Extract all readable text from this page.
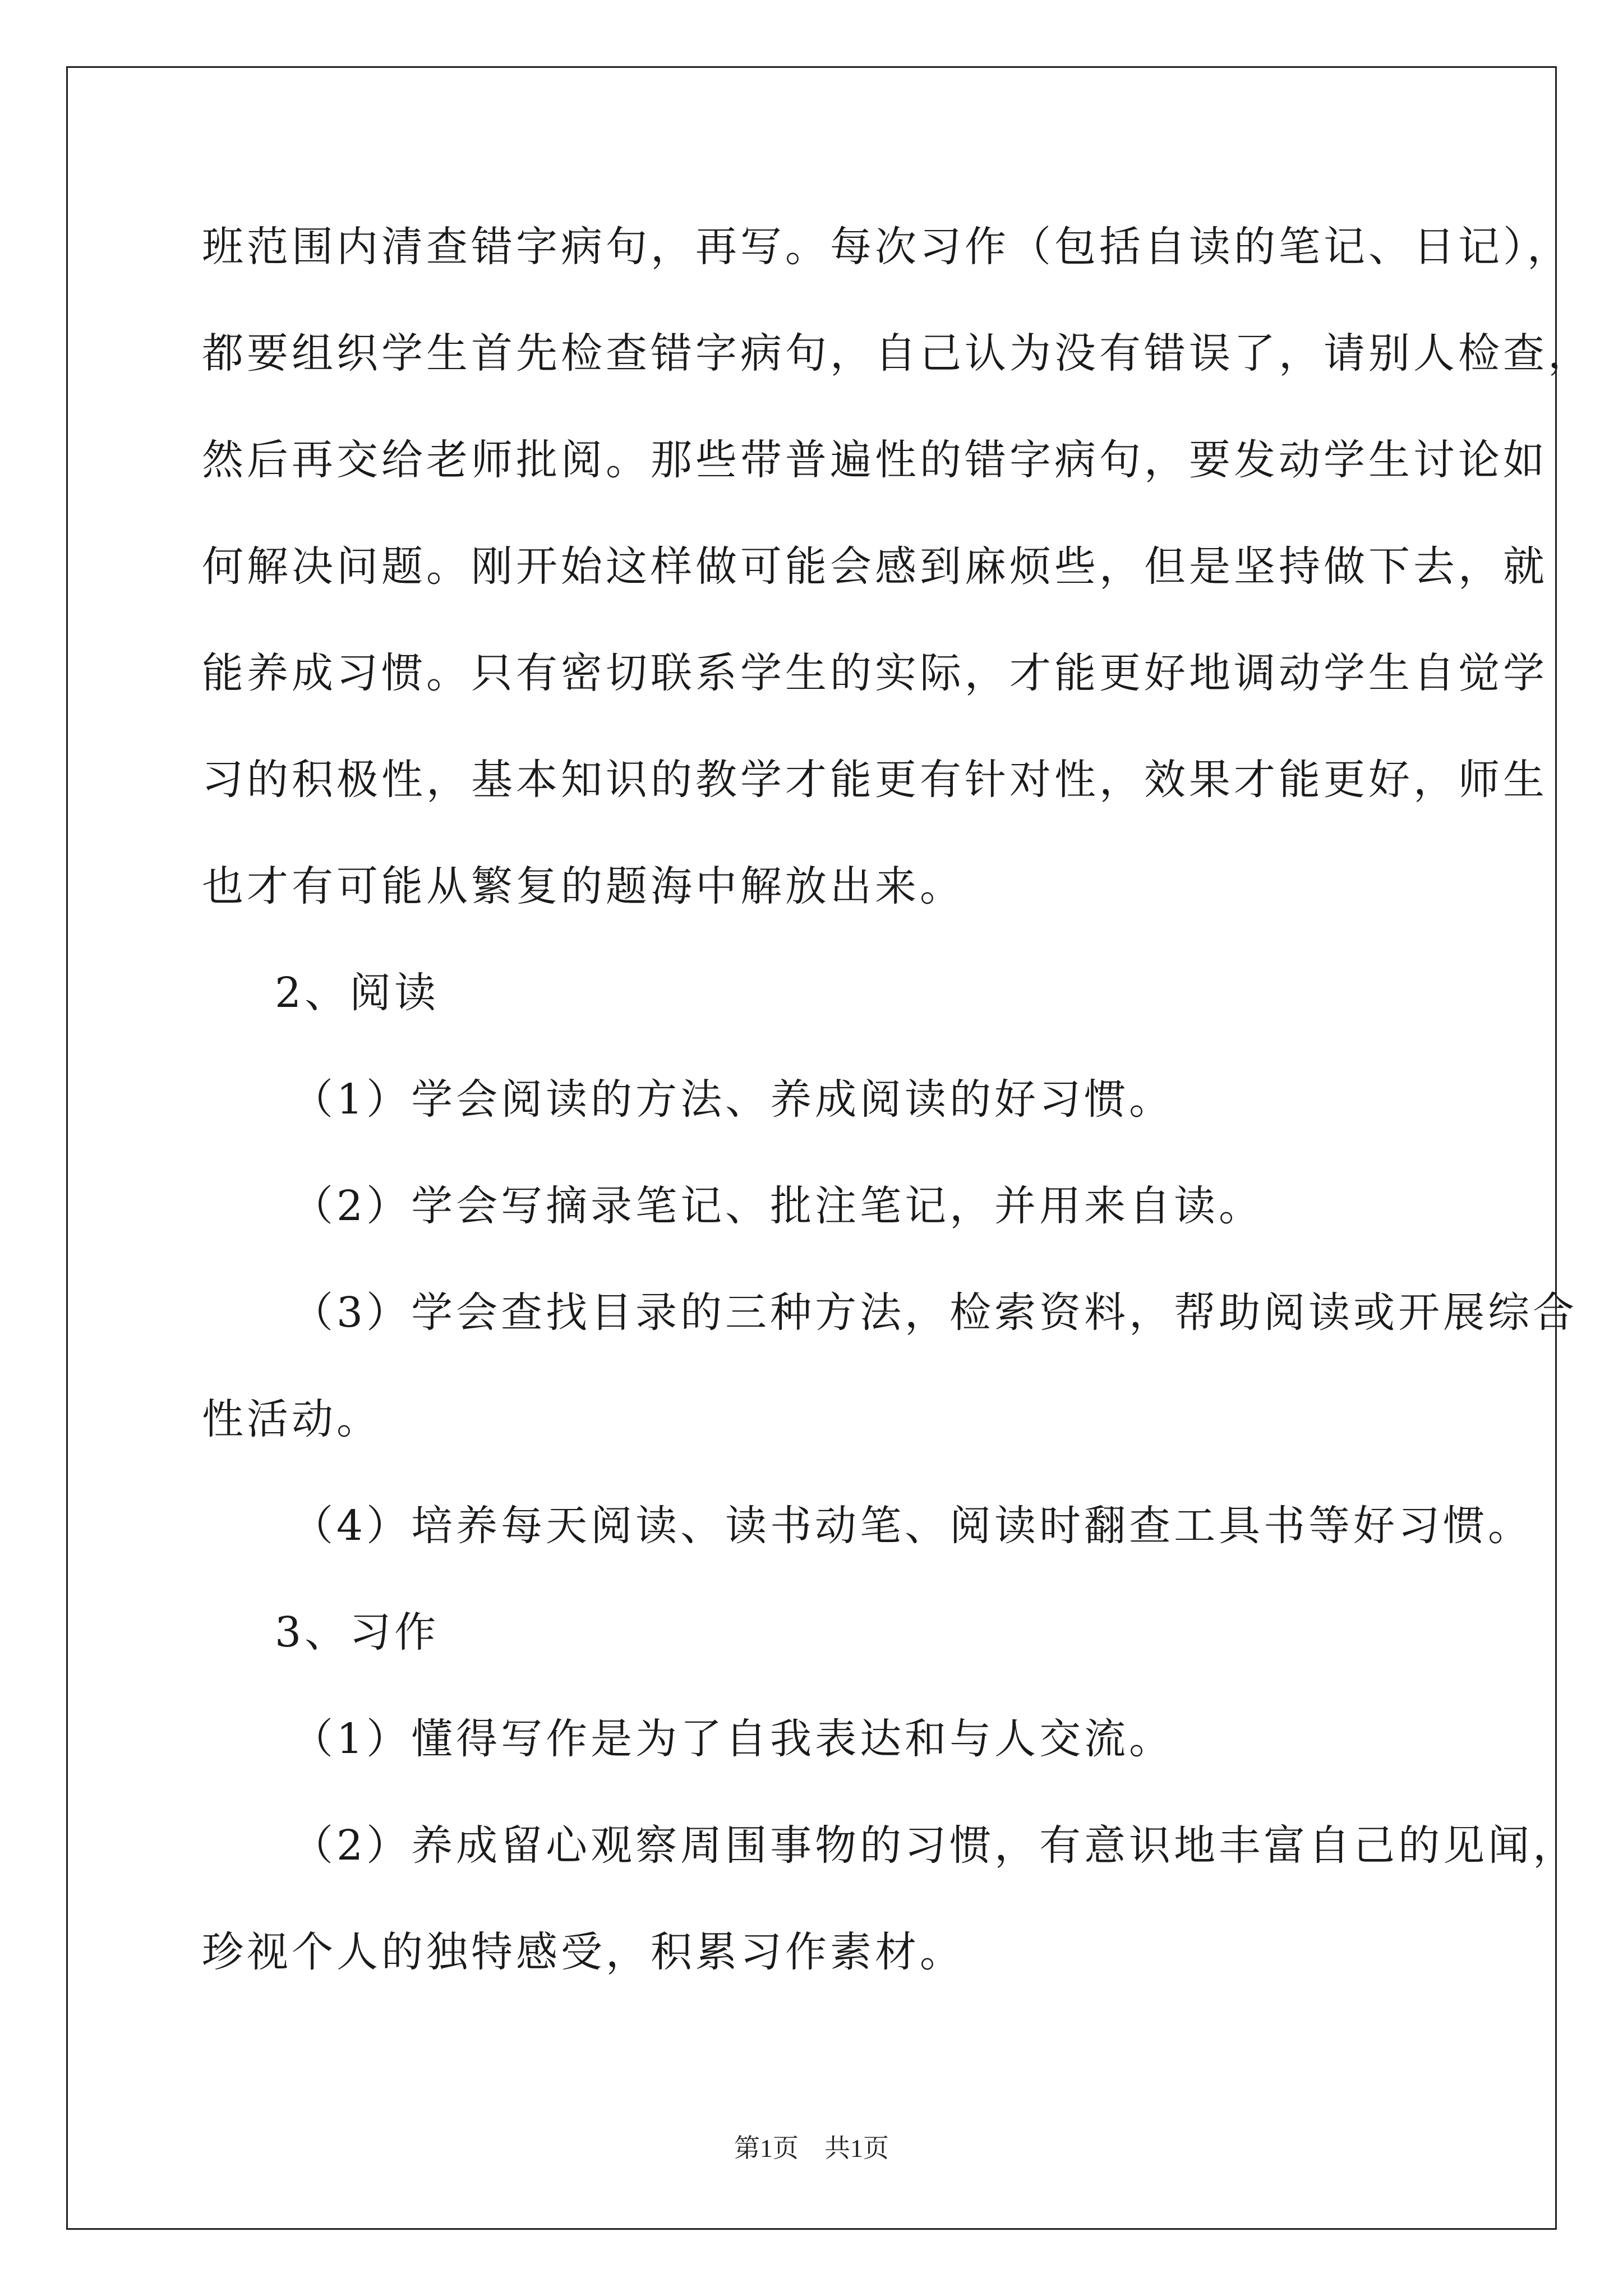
班范围内清查错字病句，再写。每次习作（包括自读的笔记、日记），
都要组织学生首先检查错字病句，自己认为没有错误了，请别人检查，
然后再交给老师批阅。那些带普遍性的错字病句，要发动学生讨论如
何解决问题。刚开始这样做可能会感到麻烦些，但是坚持做下去，就
能养成习惯。只有密切联系学生的实际，才能更好地调动学生自觉学
习的积极性，基本知识的教学才能更有针对性，效果才能更好，师生
也才有可能从繁复的题海中解放出来。
2、阅读
（1）学会阅读的方法、养成阅读的好习惯。
（2）学会写摘录笔记、批注笔记，并用来自读。
（3）学会查找目录的三种方法，检索资料，帮助阅读或开展综合
性活动。
（4）培养每天阅读、读书动笔、阅读时翻查工具书等好习惯。
3、习作
（1）懂得写作是为了自我表达和与人交流。
（2）养成留心观察周围事物的习惯，有意识地丰富自己的见闻，
珍视个人的独特感受，积累习作素材。
第1页　共1页
